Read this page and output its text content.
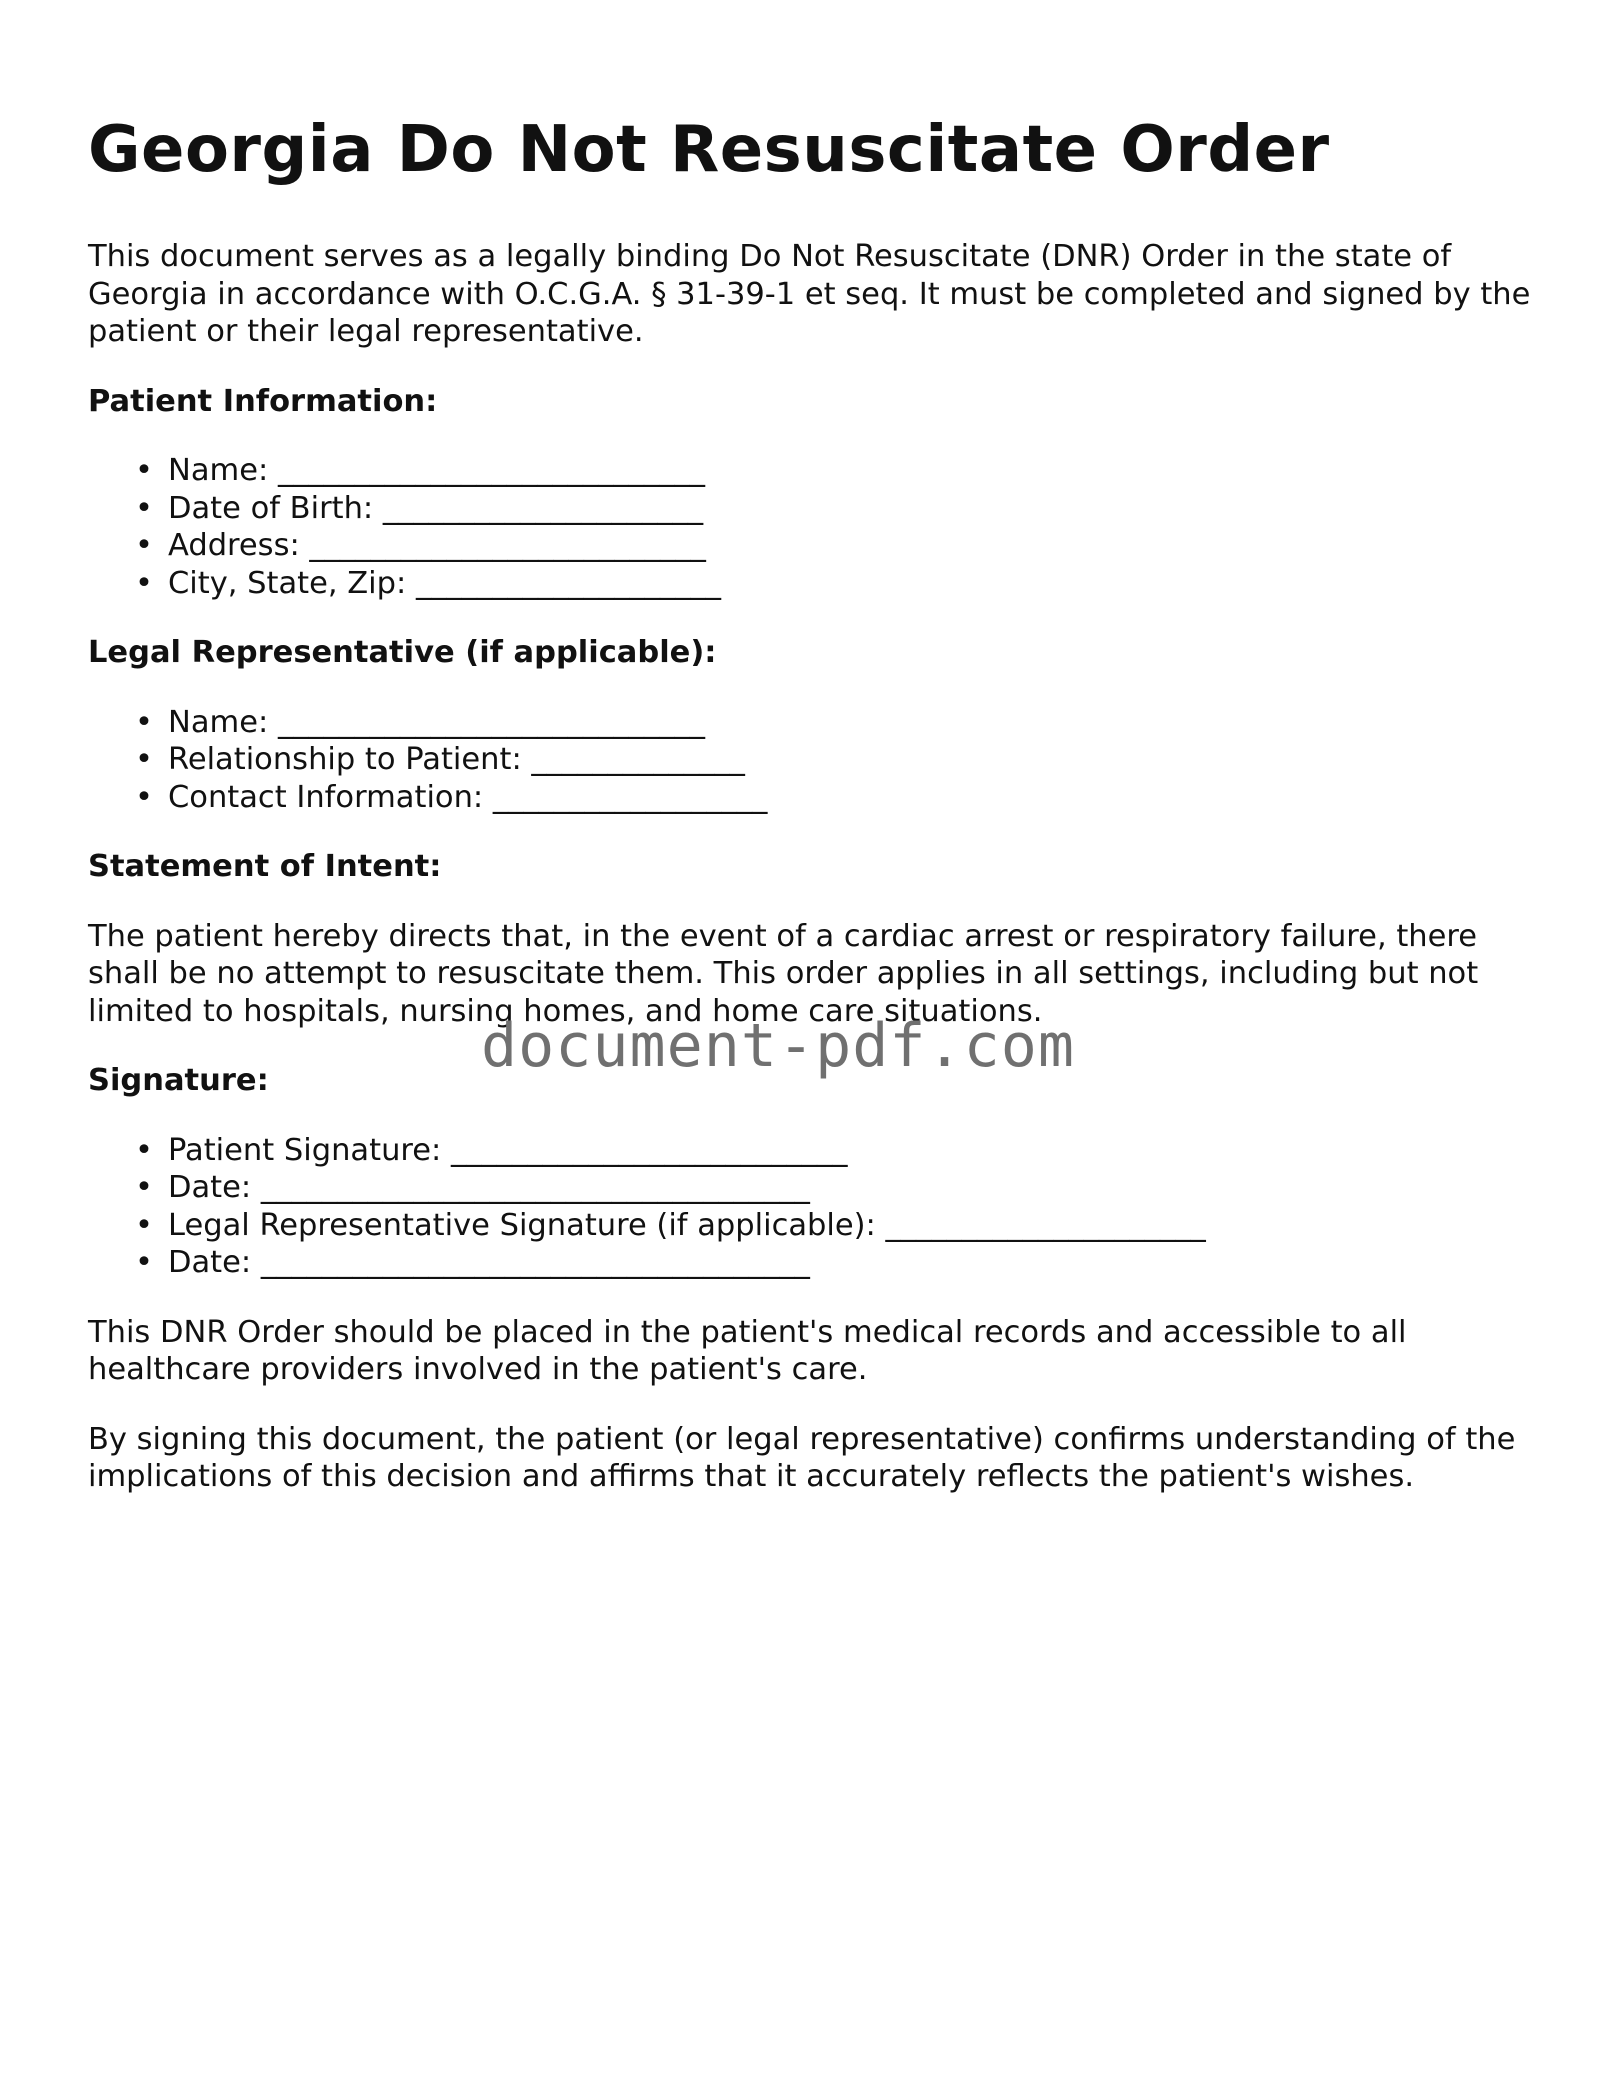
Georgia Do Not Resuscitate Order

This document serves as a legally binding Do Not Resuscitate (DNR) Order in the state of Georgia in accordance with O.C.G.A. § 31-39-1 et seq. It must be completed and signed by the patient or their legal representative.

Patient Information:
• Name: ____________________________
• Date of Birth: _____________________
• Address: __________________________
• City, State, Zip: ____________________
Legal Representative (if applicable):
• Name: ____________________________
• Relationship to Patient: ______________
• Contact Information: __________________
Statement of Intent:

The patient hereby directs that, in the event of a cardiac arrest or respiratory failure, there shall be no attempt to resuscitate them. This order applies in all settings, including but not limited to hospitals, nursing homes, and home care situations.

Signature:
• Patient Signature: __________________________
• Date: ____________________________________
• Legal Representative Signature (if applicable): _____________________
• Date: ____________________________________

This DNR Order should be placed in the patient's medical records and accessible to all healthcare providers involved in the patient's care.

By signing this document, the patient (or legal representative) confirms understanding of the implications of this decision and affirms that it accurately reflects the patient's wishes.

document-pdf.com
